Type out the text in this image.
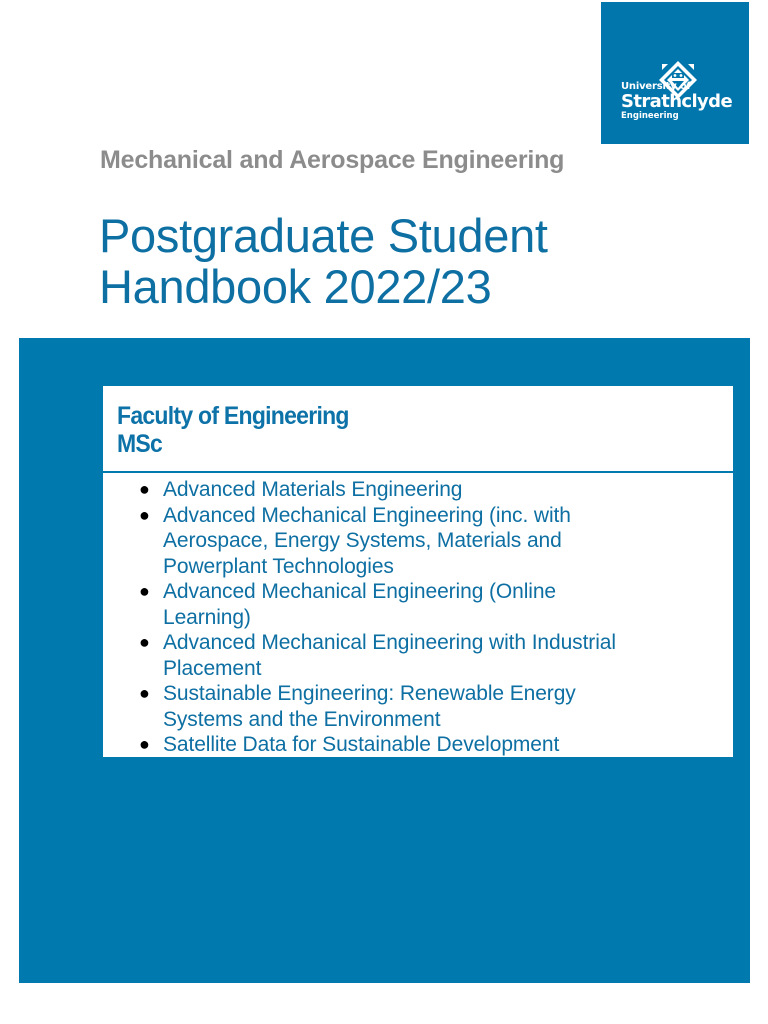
University of
Strathclyde
Engineering
Mechanical and Aerospace Engineering
Postgraduate Student
Handbook 2022/23
Faculty of Engineering
MSc
● Advanced Materials Engineering
● Advanced Mechanical Engineering (inc. with
Aerospace, Energy Systems, Materials and
Powerplant Technologies
● Advanced Mechanical Engineering (Online
Learning)
● Advanced Mechanical Engineering with Industrial
Placement
● Sustainable Engineering: Renewable Energy
Systems and the Environment
● Satellite Data for Sustainable Development
